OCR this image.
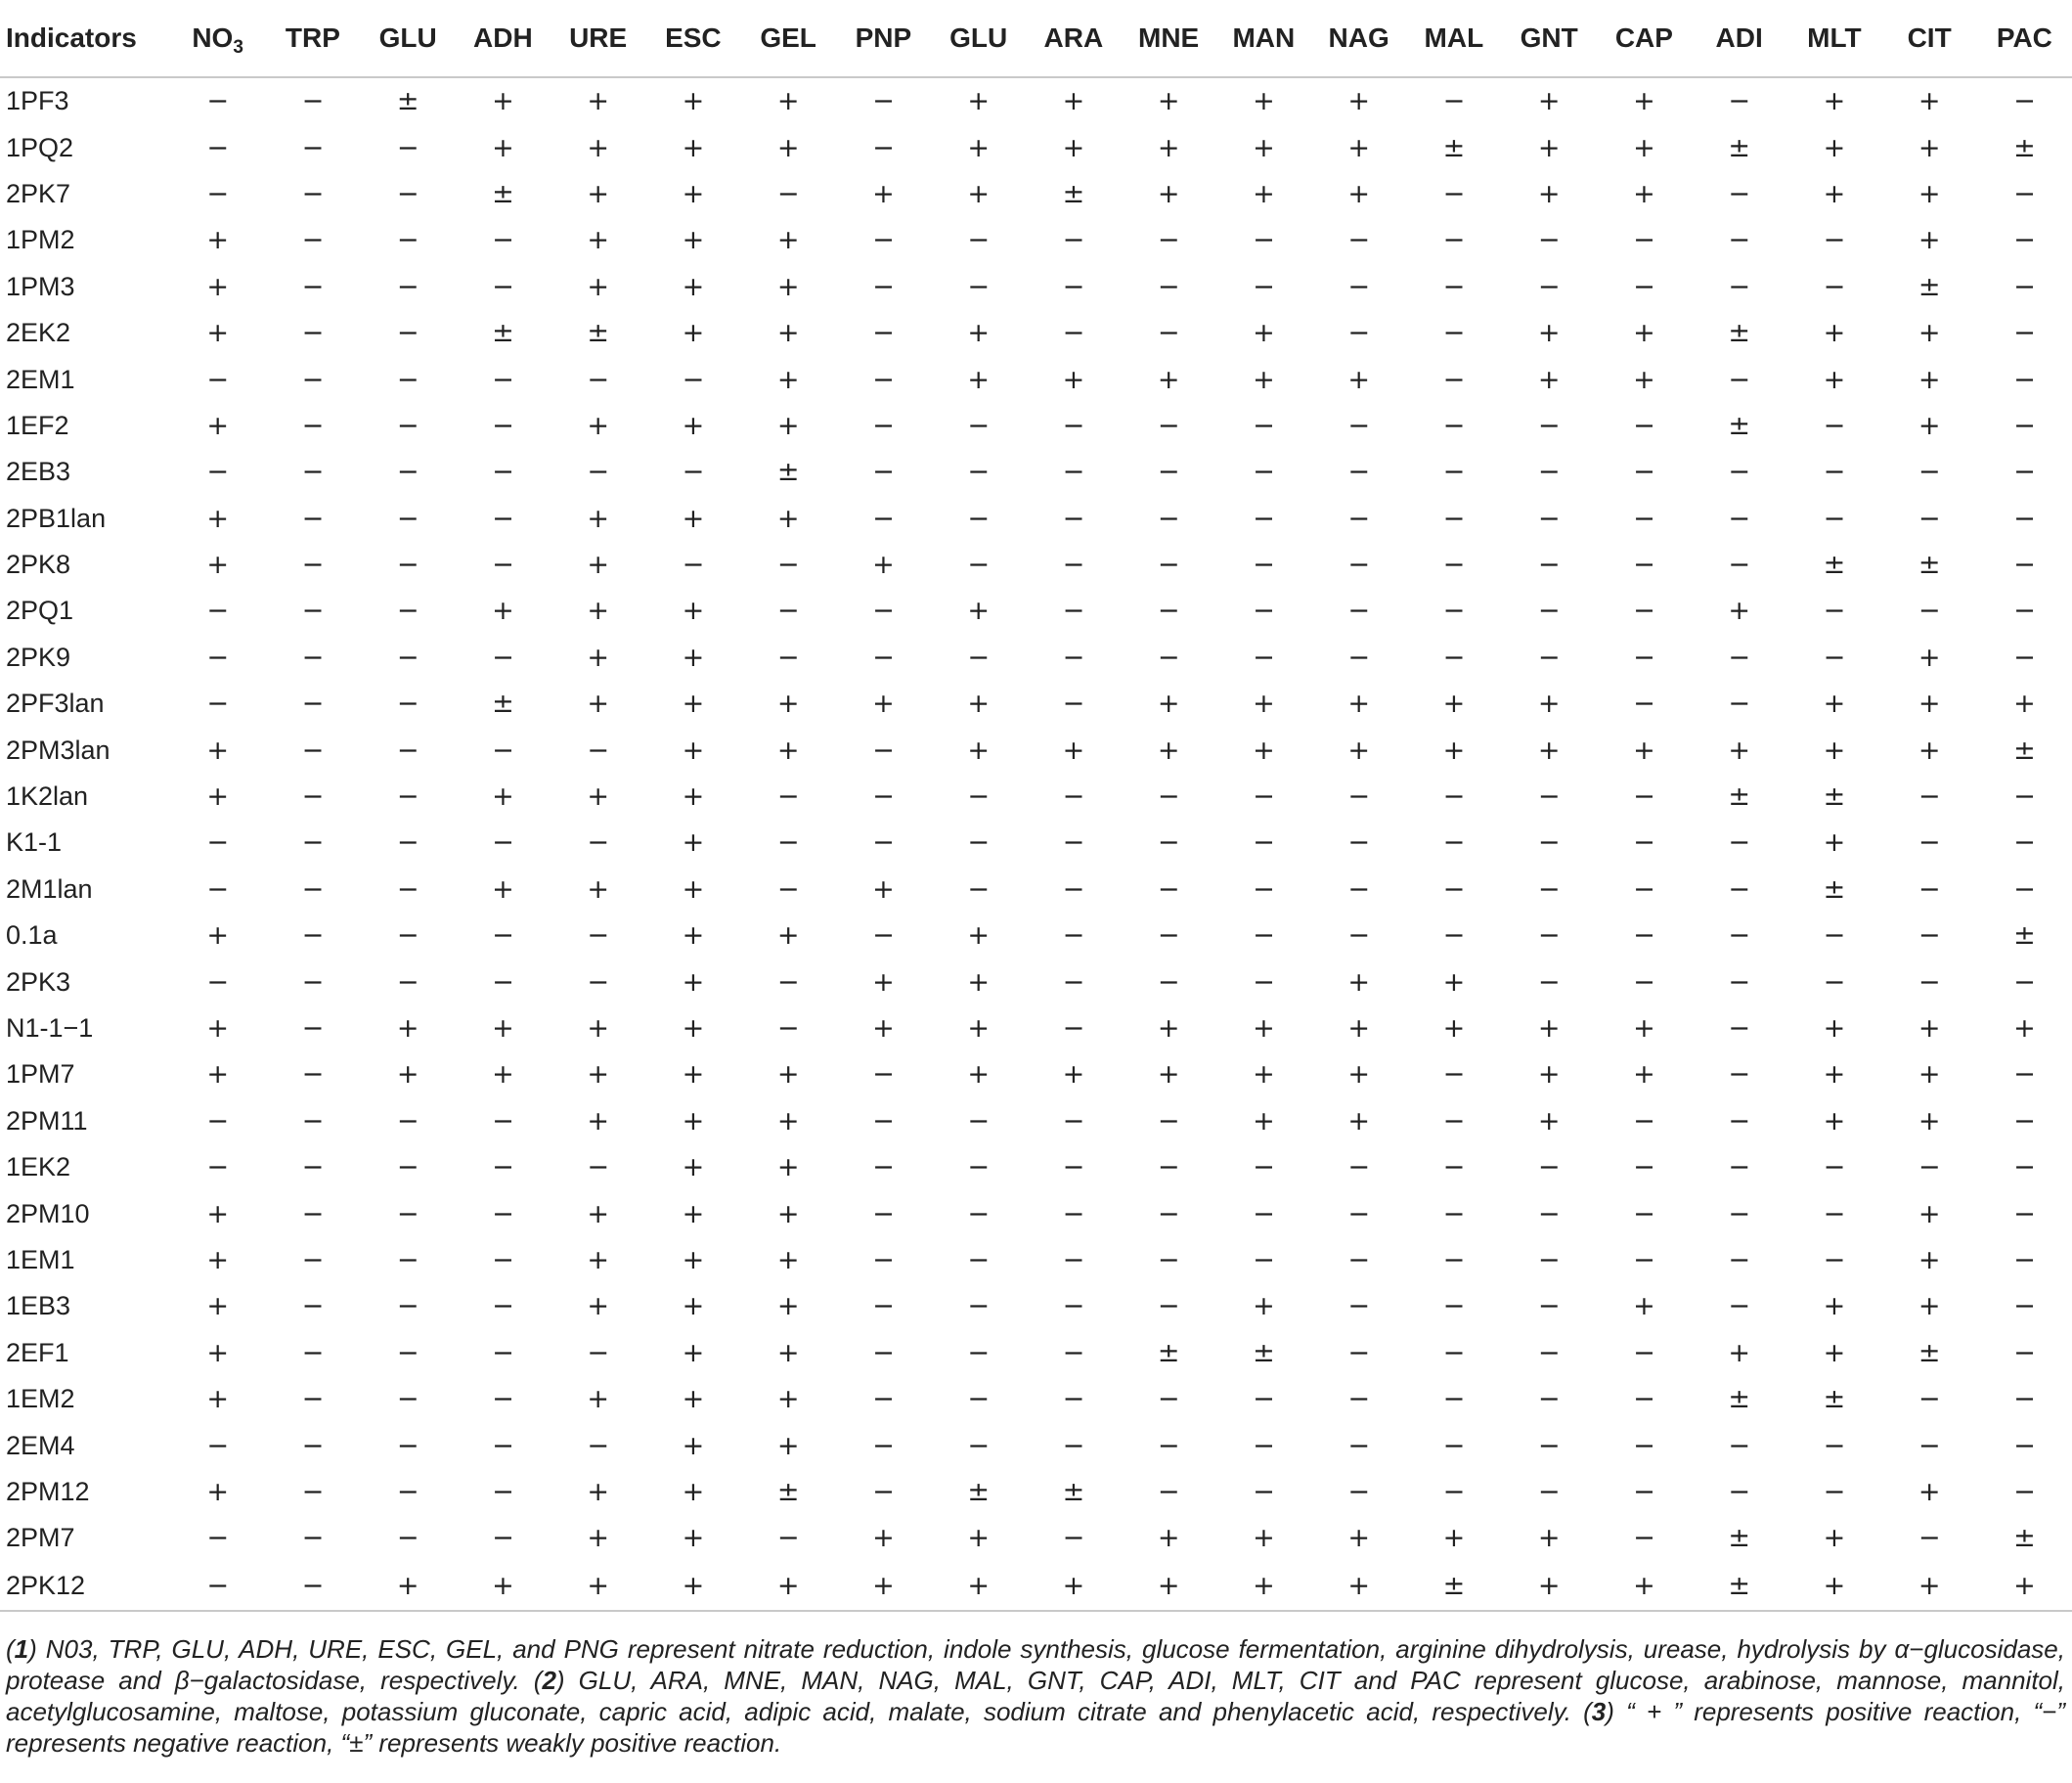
Indicators	$NO_3$	TRP	GLU	ADH	URE	ESC	GEL	PNP	GLU	ARA	MNE	MAN	NAG	MAL	GNT	CAP	ADI	MLT	CIT	PAC
1PF3	−	−	±	+	+	+	+	−	+	+	+	+	+	−	+	+	−	+	+	−
1PQ2	−	−	−	+	+	+	+	−	+	+	+	+	+	±	+	+	±	+	+	±
2PK7	−	−	−	±	+	+	−	+	+	±	+	+	+	−	+	+	−	+	+	−
1PM2	+	−	−	−	+	+	+	−	−	−	−	−	−	−	−	−	−	−	+	−
1PM3	+	−	−	−	+	+	+	−	−	−	−	−	−	−	−	−	−	−	±	−
2EK2	+	−	−	±	±	+	+	−	+	−	−	+	−	−	+	+	±	+	+	−
2EM1	−	−	−	−	−	−	+	−	+	+	+	+	+	−	+	+	−	+	+	−
1EF2	+	−	−	−	+	+	+	−	−	−	−	−	−	−	−	−	±	−	+	−
2EB3	−	−	−	−	−	−	±	−	−	−	−	−	−	−	−	−	−	−	−	−
2PB1lan	+	−	−	−	+	+	+	−	−	−	−	−	−	−	−	−	−	−	−	−
2PK8	+	−	−	−	+	−	−	+	−	−	−	−	−	−	−	−	−	±	±	−
2PQ1	−	−	−	+	+	+	−	−	+	−	−	−	−	−	−	−	+	−	−	−
2PK9	−	−	−	−	+	+	−	−	−	−	−	−	−	−	−	−	−	−	+	−
2PF3lan	−	−	−	±	+	+	+	+	+	−	+	+	+	+	+	−	−	+	+	+
2PM3lan	+	−	−	−	−	+	+	−	+	+	+	+	+	+	+	+	+	+	+	±
1K2lan	+	−	−	+	+	+	−	−	−	−	−	−	−	−	−	−	±	±	−	−
K1-1	−	−	−	−	−	+	−	−	−	−	−	−	−	−	−	−	−	+	−	−
2M1lan	−	−	−	+	+	+	−	+	−	−	−	−	−	−	−	−	−	±	−	−
0.1a	+	−	−	−	−	+	+	−	+	−	−	−	−	−	−	−	−	−	−	±
2PK3	−	−	−	−	−	+	−	+	+	−	−	−	+	+	−	−	−	−	−	−
N1-1−1	+	−	+	+	+	+	−	+	+	−	+	+	+	+	+	+	−	+	+	+
1PM7	+	−	+	+	+	+	+	−	+	+	+	+	+	−	+	+	−	+	+	−
2PM11	−	−	−	−	+	+	+	−	−	−	−	+	+	−	+	−	−	+	+	−
1EK2	−	−	−	−	−	+	+	−	−	−	−	−	−	−	−	−	−	−	−	−
2PM10	+	−	−	−	+	+	+	−	−	−	−	−	−	−	−	−	−	−	+	−
1EM1	+	−	−	−	+	+	+	−	−	−	−	−	−	−	−	−	−	−	+	−
1EB3	+	−	−	−	+	+	+	−	−	−	−	+	−	−	−	+	−	+	+	−
2EF1	+	−	−	−	−	+	+	−	−	−	±	±	−	−	−	−	+	+	±	−
1EM2	+	−	−	−	+	+	+	−	−	−	−	−	−	−	−	−	±	±	−	−
2EM4	−	−	−	−	−	+	+	−	−	−	−	−	−	−	−	−	−	−	−	−
2PM12	+	−	−	−	+	+	±	−	±	±	−	−	−	−	−	−	−	−	+	−
2PM7	−	−	−	−	+	+	−	+	+	−	+	+	+	+	+	−	±	+	−	±
2PK12	−	−	+	+	+	+	+	+	+	+	+	+	+	±	+	+	±	+	+	+
(1) N03, TRP, GLU, ADH, URE, ESC, GEL, and PNG represent nitrate reduction, indole synthesis, glucose fermentation, arginine dihydrolysis, urease, hydrolysis by α−glucosidase, protease and β−galactosidase, respectively. (2) GLU, ARA, MNE, MAN, NAG, MAL, GNT, CAP, ADI, MLT, CIT and PAC represent glucose, arabinose, mannose, mannitol, acetylglucosamine, maltose, potassium gluconate, capric acid, adipic acid, malate, sodium citrate and phenylacetic acid, respectively. (3) “ + ” represents positive reaction, “−” represents negative reaction, “±” represents weakly positive reaction.
